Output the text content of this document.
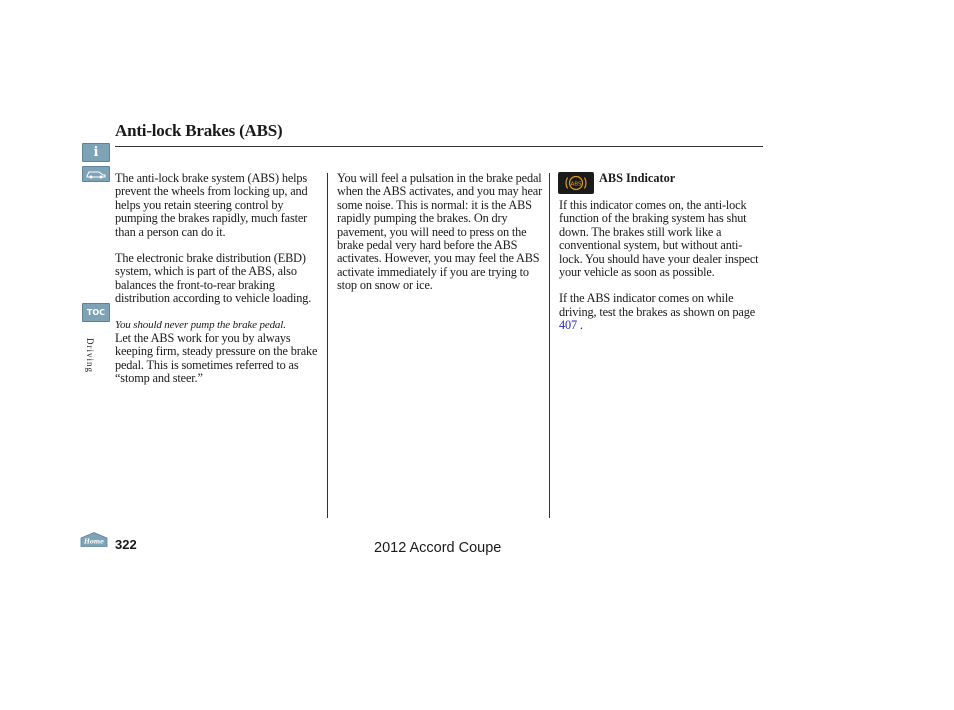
i
TOC
Driving
Anti-lock Brakes (ABS)

The anti-lock brake system (ABS) helps prevent the wheels from locking up, and helps you retain steering control by pumping the brakes rapidly, much faster than a person can do it.

The electronic brake distribution (EBD) system, which is part of the ABS, also balances the front-to-rear braking distribution according to vehicle loading.

You should never pump the brake pedal.

Let the ABS work for you by always keeping firm, steady pressure on the brake pedal. This is sometimes referred to as “stomp and steer.”

You will feel a pulsation in the brake pedal when the ABS activates, and you may hear some noise. This is normal: it is the ABS rapidly pumping the brakes. On dry pavement, you will need to press on the brake pedal very hard before the ABS activates. However, you may feel the ABS activate immediately if you are trying to stop on snow or ice.

ABS ABS Indicator

If this indicator comes on, the anti-lock function of the braking system has shut down. The brakes still work like a conventional system, but without anti-lock. You should have your dealer inspect your vehicle as soon as possible.

If the ABS indicator comes on while driving, test the brakes as shown on page 407 .

Home 322	2012 Accord Coupe
